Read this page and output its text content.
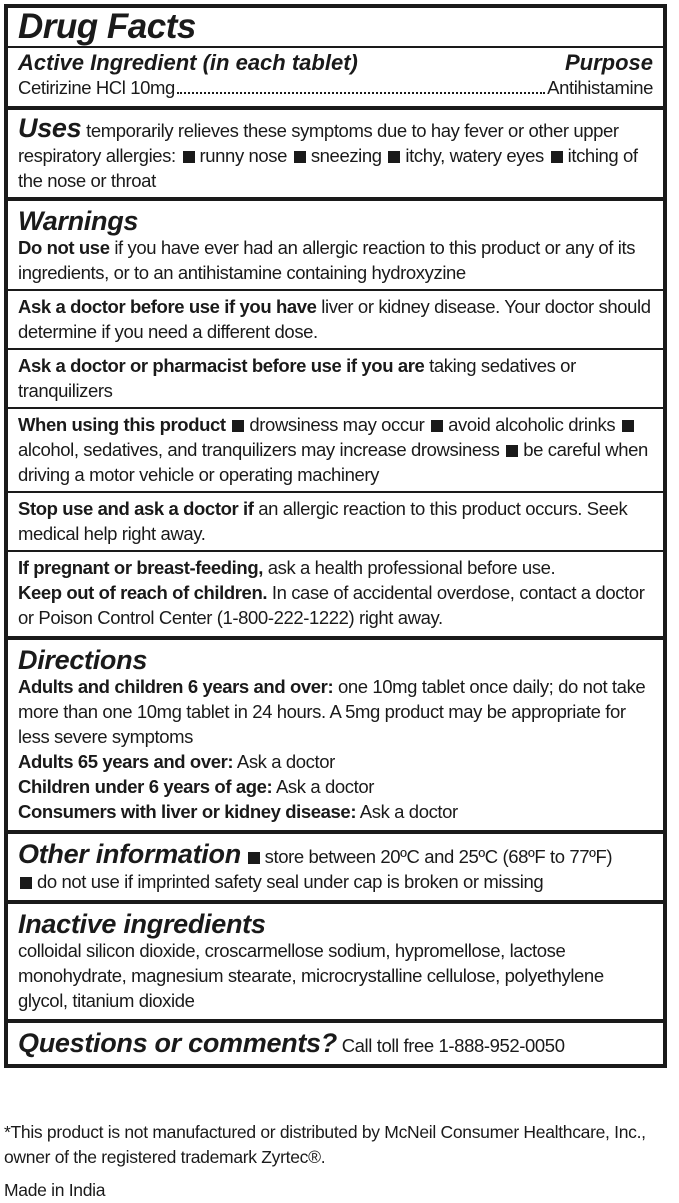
Drug Facts
Active Ingredient (in each tablet)	Purpose
Cetirizine HCl 10mg	Antihistamine
Uses temporarily relieves these symptoms due to hay fever or other upper respiratory allergies: runny nose sneezing itchy, watery eyes itching of the nose or throat
Warnings
Do not use if you have ever had an allergic reaction to this product or any of its ingredients, or to an antihistamine containing hydroxyzine
Ask a doctor before use if you have liver or kidney disease. Your doctor should determine if you need a different dose.
Ask a doctor or pharmacist before use if you are taking sedatives or tranquilizers
When using this product drowsiness may occur avoid alcoholic drinks alcohol, sedatives, and tranquilizers may increase drowsiness be careful when driving a motor vehicle or operating machinery
Stop use and ask a doctor if an allergic reaction to this product occurs. Seek medical help right away.
If pregnant or breast-feeding, ask a health professional before use.
Keep out of reach of children. In case of accidental overdose, contact a doctor or Poison Control Center (1-800-222-1222) right away.
Directions
Adults and children 6 years and over: one 10mg tablet once daily; do not take more than one 10mg tablet in 24 hours. A 5mg product may be appropriate for less severe symptoms
Adults 65 years and over: Ask a doctor
Children under 6 years of age: Ask a doctor
Consumers with liver or kidney disease: Ask a doctor
Other information store between 20ºC and 25ºC (68ºF to 77ºF)
do not use if imprinted safety seal under cap is broken or missing
Inactive ingredients
colloidal silicon dioxide, croscarmellose sodium, hypromellose, lactose monohydrate, magnesium stearate, microcrystalline cellulose, polyethylene glycol, titanium dioxide
Questions or comments? Call toll free 1-888-952-0050
*This product is not manufactured or distributed by McNeil Consumer Healthcare, Inc., owner of the registered trademark Zyrtec®.
Made in India
